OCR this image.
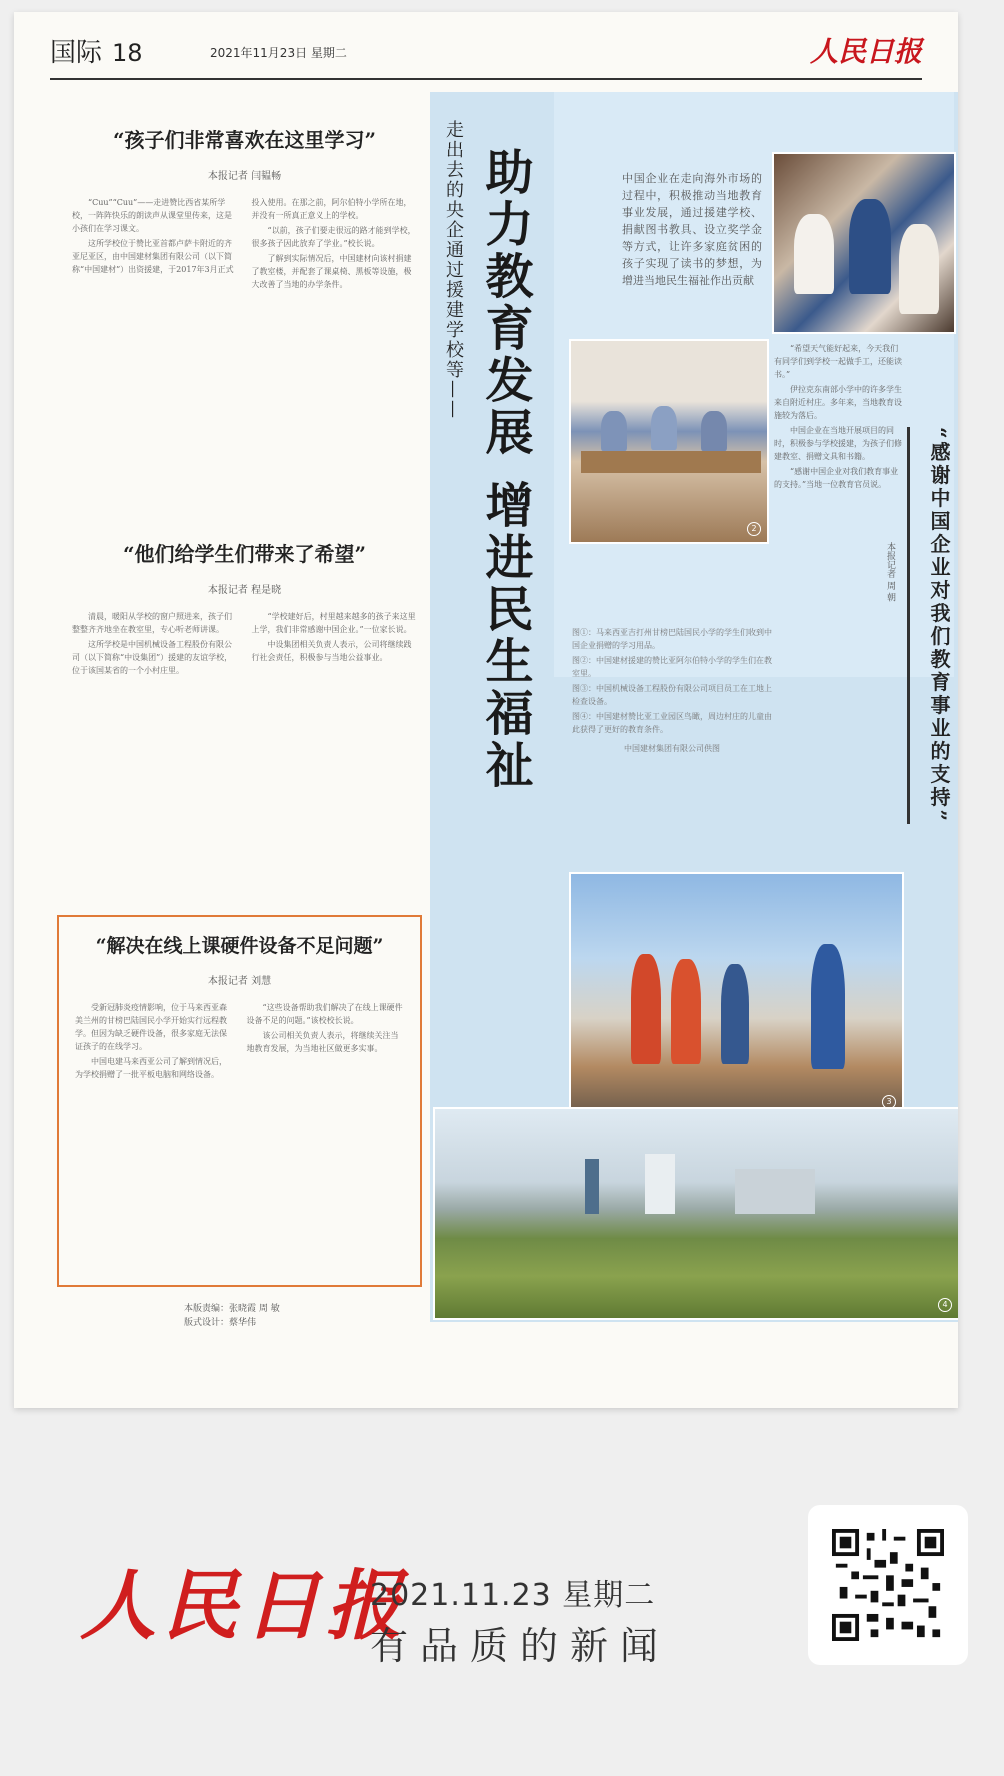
国际 18	2021年11月23日 星期二	人民日报
“孩子们非常喜欢在这里学习”
本报记者 闫韫畅

“Cuu”“Cuu”——走进赞比西省某所学校，一阵阵快乐的朗读声从课堂里传来，这是小孩们在学习课文。

这所学校位于赞比亚首都卢萨卡附近的齐亚尼亚区，由中国建材集团有限公司（以下简称“中国建材”）出资援建，于2017年3月正式投入使用。在那之前，阿尔伯特小学所在地，并没有一所真正意义上的学校。

“以前，孩子们要走很远的路才能到学校，很多孩子因此放弃了学业。”校长说。

了解到实际情况后，中国建材向该村捐建了教室楼，并配套了课桌椅、黑板等设施，极大改善了当地的办学条件。

“他们给学生们带来了希望”
本报记者 程是晓

清晨，暖阳从学校的窗户照进来，孩子们整整齐齐地坐在教室里，专心听老师讲课。

这所学校是中国机械设备工程股份有限公司（以下简称“中设集团”）援建的友谊学校，位于该国某省的一个小村庄里。

“学校建好后，村里越来越多的孩子来这里上学，我们非常感谢中国企业。”一位家长说。

中设集团相关负责人表示，公司将继续践行社会责任，积极参与当地公益事业。

“解决在线上课硬件设备不足问题”
本报记者 刘慧

受新冠肺炎疫情影响，位于马来西亚森美兰州的甘榜巴陆国民小学开始实行远程教学。但因为缺乏硬件设备，很多家庭无法保证孩子的在线学习。

中国电建马来西亚公司了解到情况后，为学校捐赠了一批平板电脑和网络设备。

“这些设备帮助我们解决了在线上课硬件设备不足的问题。”该校校长说。

该公司相关负责人表示，将继续关注当地教育发展，为当地社区做更多实事。

走出去的央企通过援建学校等—— 助力教育发展 增进民生福祉	中国企业在走向海外市场的过程中，积极推动当地教育事业发展，通过援建学校、捐献图书教具、设立奖学金等方式，让许多家庭贫困的孩子实现了读书的梦想，为增进当地民生福祉作出贡献
2
3
4

图①：马来西亚吉打州甘榜巴陆国民小学的学生们收到中国企业捐赠的学习用品。

图②：中国建材援建的赞比亚阿尔伯特小学的学生们在教室里。

图③：中国机械设备工程股份有限公司项目员工在工地上检查设备。

图④：中国建材赞比亚工业园区鸟瞰，周边村庄的儿童由此获得了更好的教育条件。

中国建材集团有限公司供图

“希望天气能好起来，今天我们有同学们到学校一起做手工，还能读书。”

伊拉克东南部小学中的许多学生来自附近村庄。多年来，当地教育设施较为落后。

中国企业在当地开展项目的同时，积极参与学校援建，为孩子们修建教室、捐赠文具和书籍。

“感谢中国企业对我们教育事业的支持。”当地一位教育官员说。	“感谢中国企业对我们教育事业的支持”
本报记者 周 朝
本版责编：张晓霞 周 敏
版式设计：蔡华伟
人民日报
2021.11.23 星期二
有品质的新闻
